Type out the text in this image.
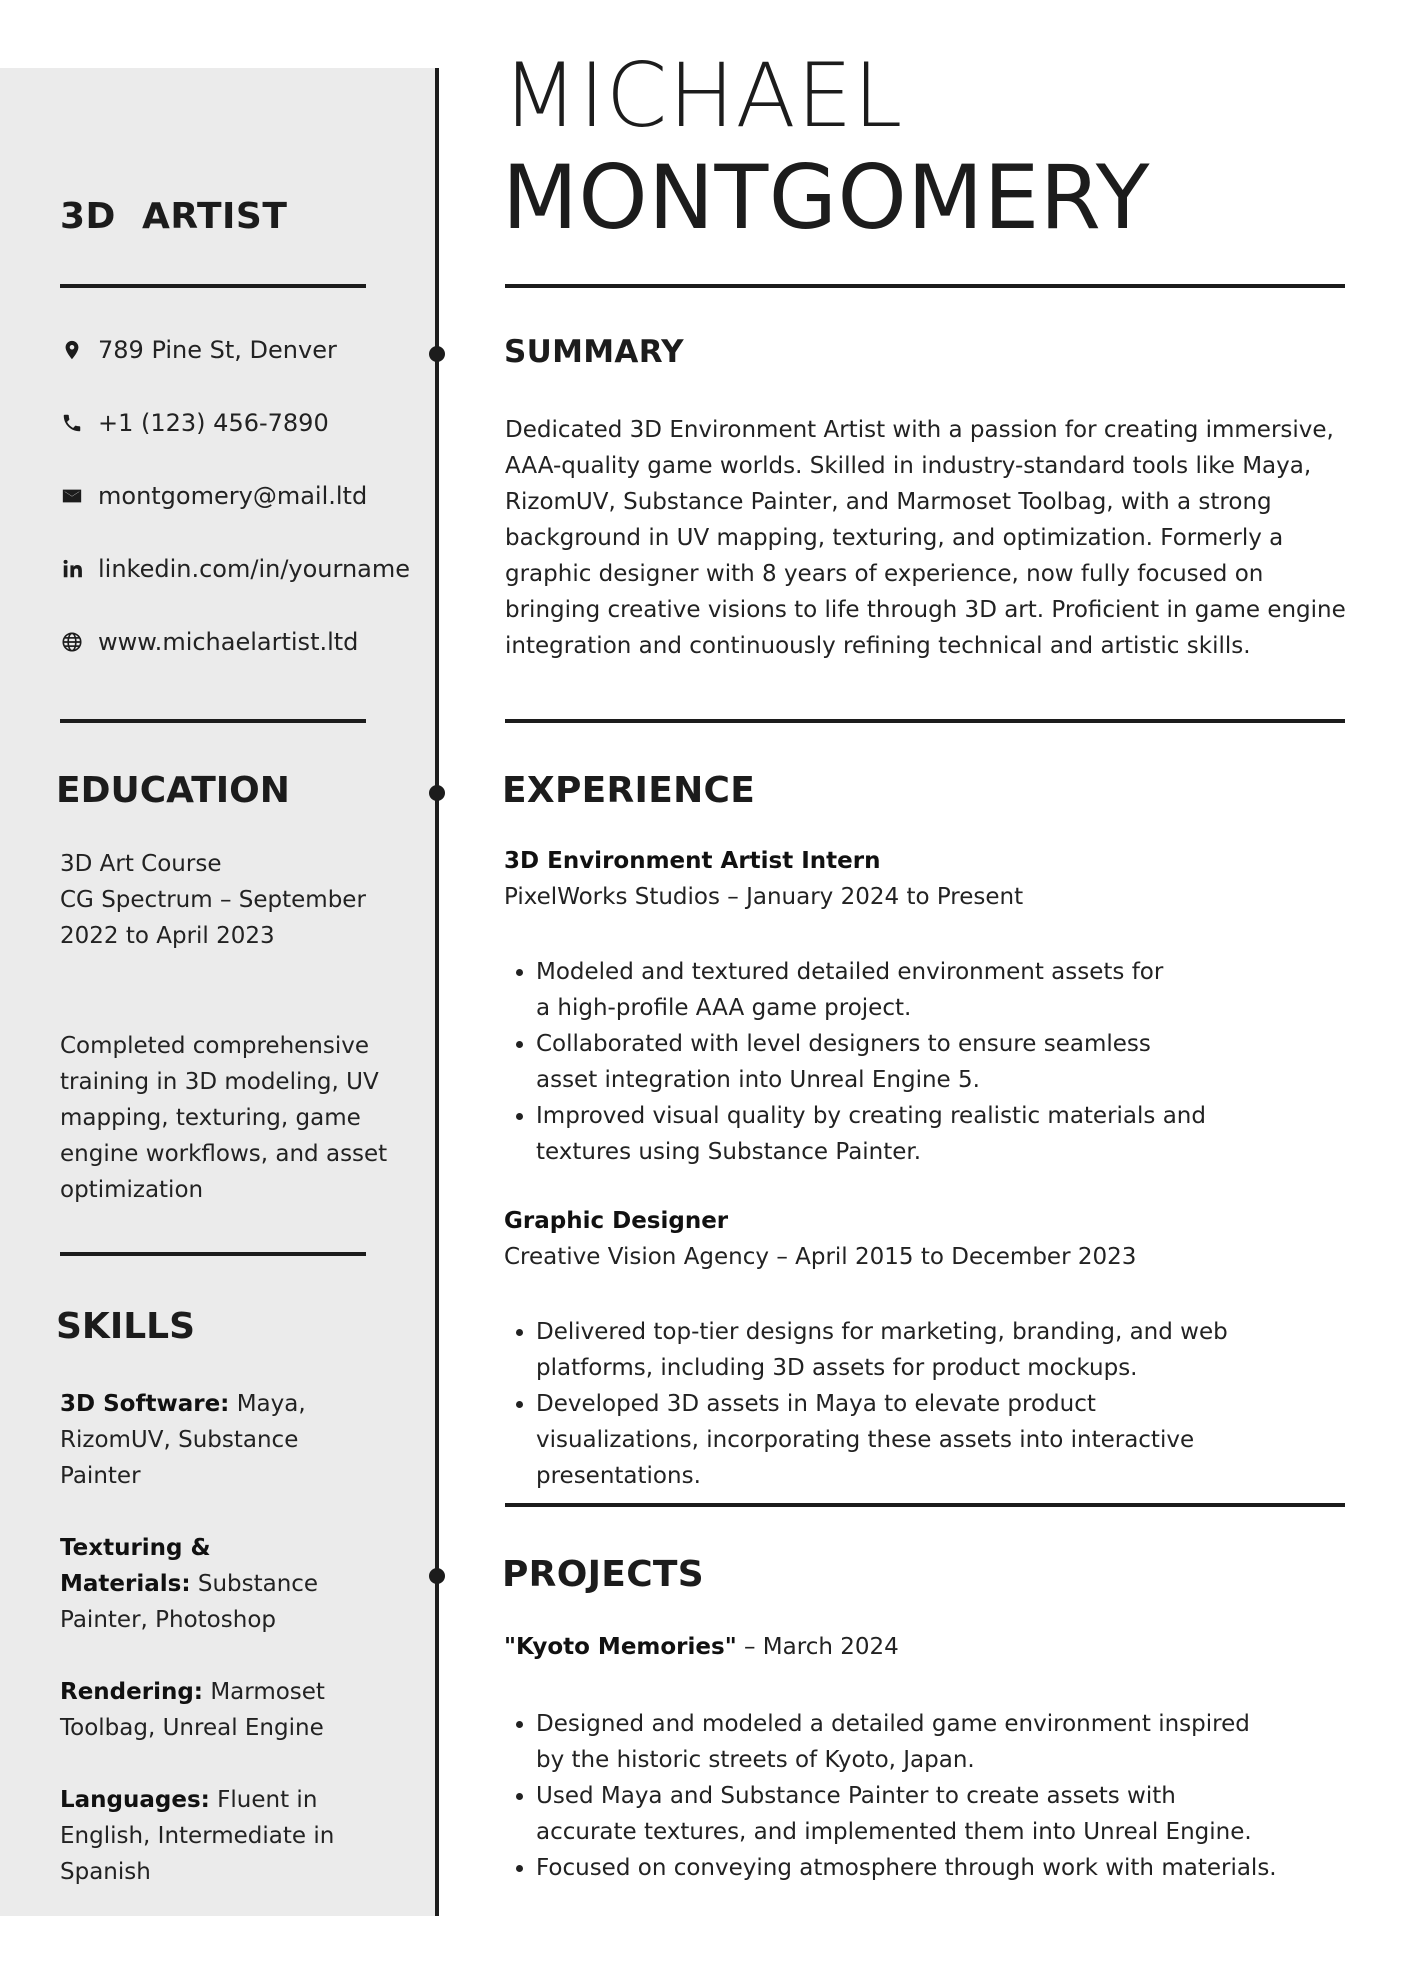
3D  ARTIST
789 Pine St, Denver
+1 (123) 456-7890
montgomery@mail.ltd
linkedin.com/in/yourname
www.michaelartist.ltd
EDUCATION
3D Art Course
CG Spectrum – September 2022 to April 2023
Completed comprehensive training in 3D modeling, UV mapping, texturing, game engine workflows, and asset optimization
SKILLS
3D Software: Maya, RizomUV, Substance Painter
Texturing & Materials: Substance Painter, Photoshop
Rendering: Marmoset Toolbag, Unreal Engine
Languages: Fluent in English, Intermediate in Spanish
MICHAEL
MONTGOMERY
SUMMARY
Dedicated 3D Environment Artist with a passion for creating immersive, AAA-quality game worlds. Skilled in industry-standard tools like Maya, RizomUV, Substance Painter, and Marmoset Toolbag, with a strong background in UV mapping, texturing, and optimization. Formerly a graphic designer with 8 years of experience, now fully focused on bringing creative visions to life through 3D art. Proficient in game engine integration and continuously refining technical and artistic skills.
EXPERIENCE
3D Environment Artist Intern
PixelWorks Studios – January 2024 to Present
• Modeled and textured detailed environment assets for a high-profile AAA game project.
• Collaborated with level designers to ensure seamless asset integration into Unreal Engine 5.
• Improved visual quality by creating realistic materials and textures using Substance Painter.
Graphic Designer
Creative Vision Agency – April 2015 to December 2023
• Delivered top-tier designs for marketing, branding, and web platforms, including 3D assets for product mockups.
• Developed 3D assets in Maya to elevate product visualizations, incorporating these assets into interactive presentations.
PROJECTS
"Kyoto Memories" – March 2024
• Designed and modeled a detailed game environment inspired by the historic streets of Kyoto, Japan.
• Used Maya and Substance Painter to create assets with accurate textures, and implemented them into Unreal Engine.
• Focused on conveying atmosphere through work with materials.
